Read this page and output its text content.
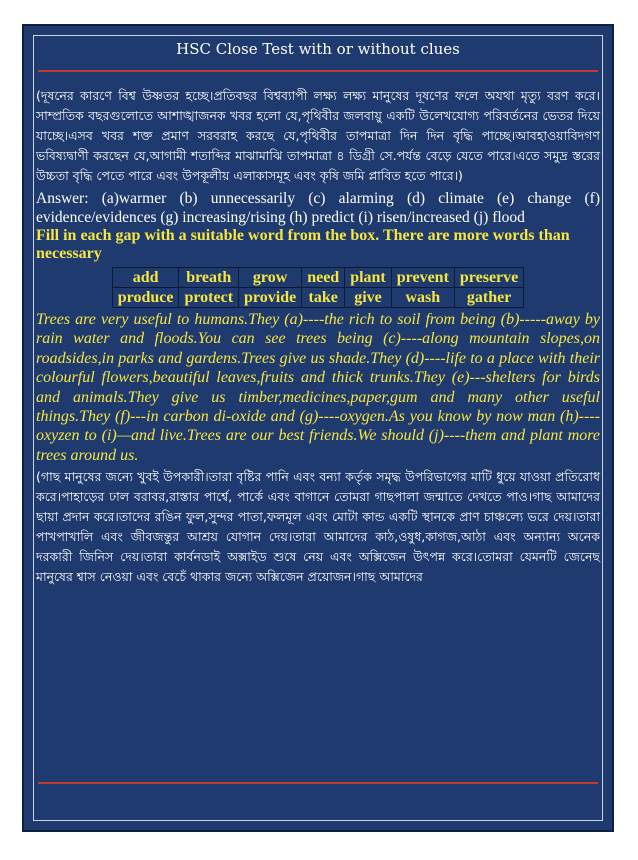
HSC Close Test with or without clues
(দূষনের কারণে বিশ্ব উষ্ণতর হচ্ছে।প্রতিবছর বিশ্বব্যাপী লক্ষ্য লক্ষ্য মানুষের দূষণের ফলে অযথা মৃত্যু বরণ করে।সাম্প্রতিক বছরগুলোতে আশাঙ্খাজনক খবর হলো যে,পৃথিবীর জলবায়ু একটি উলেখযোগ্য পরিবর্তনের ভেতর দিয়ে যাচ্ছে।এসব খবর শক্ত প্রমাণ সরবরাহ করছে যে,পৃথিবীর তাপমাত্রা দিন দিন বৃদ্ধি পাচ্ছে।আবহাওয়াবিদগণ ভবিষ্যদ্বাণী করছেন যে,আগামী শতাব্দির মাঝামাঝি তাপমাত্রা ৪ ডিগ্রী সে.পর্যন্ত বেড়ে যেতে পারে।এতে সমুদ্র স্তরের উচ্চতা বৃদ্ধি পেতে পারে এবং উপকূলীয় এলাকাসমূহ এবং কৃষি জমি প্লাবিত হতে পারে।)
Answer: (a)warmer (b) unnecessarily (c) alarming (d) climate (e) change (f) evidence/evidences (g) increasing/rising (h) predict (i) risen/increased (j) flood
Fill in each gap with a suitable word from the box. There are more words than necessary
add	breath	grow	need	plant	prevent	preserve
produce	protect	provide	take	give	wash	gather
Trees are very useful to humans.They (a)----the rich to soil from being (b)-----away by rain water and floods.You can see trees being (c)----along mountain slopes,on roadsides,in parks and gardens.Trees give us shade.They (d)----life to a place with their colourful flowers,beautiful leaves,fruits and thick trunks.They (e)---shelters for birds and animals.They give us timber,medicines,paper,gum and many other useful things.They (f)---in carbon di-oxide and (g)----oxygen.As you know by now man (h)----oxyzen to (i)—and live.Trees are our best friends.We should (j)----them and plant more trees around us.
(গাছ মানুষের জন্যে খুবই উপকারী।তারা বৃষ্টির পানি এবং বন্যা কর্তৃক সমৃদ্ধ উপরিভাগের মাটি ধুয়ে যাওয়া প্রতিরোধ করে।পাহাড়ের ঢাল বরাবর,রাস্তার পার্শ্বে, পার্কে এবং বাগানে তোমরা গাছপালা জন্মাতে দেখতে পাও।গাছ আমাদের ছায়া প্রদান করে।তাদের রঙিন ফুল,সুন্দর পাতা,ফলমূল এবং মোটা কান্ড একটি স্থানকে প্রাণ চাঞ্চল্যে ভরে দেয়।তারা পাখপাখালি এবং জীবজন্তুর আশ্রয় যোগান দেয়।তারা আমাদের কাঠ,ওষুধ,কাগজ,আঠা এবং অন্যান্য অনেক দরকারী জিনিস দেয়।তারা কার্বনডাই অক্সাইড শুষে নেয় এবং অক্সিজেন উৎপন্ন করে।তোমরা যেমনটি জেনেছ মানুষের শ্বাস নেওয়া এবং বেচেঁ থাকার জন্যে অক্সিজেন প্রয়োজন।গাছ আমাদের
